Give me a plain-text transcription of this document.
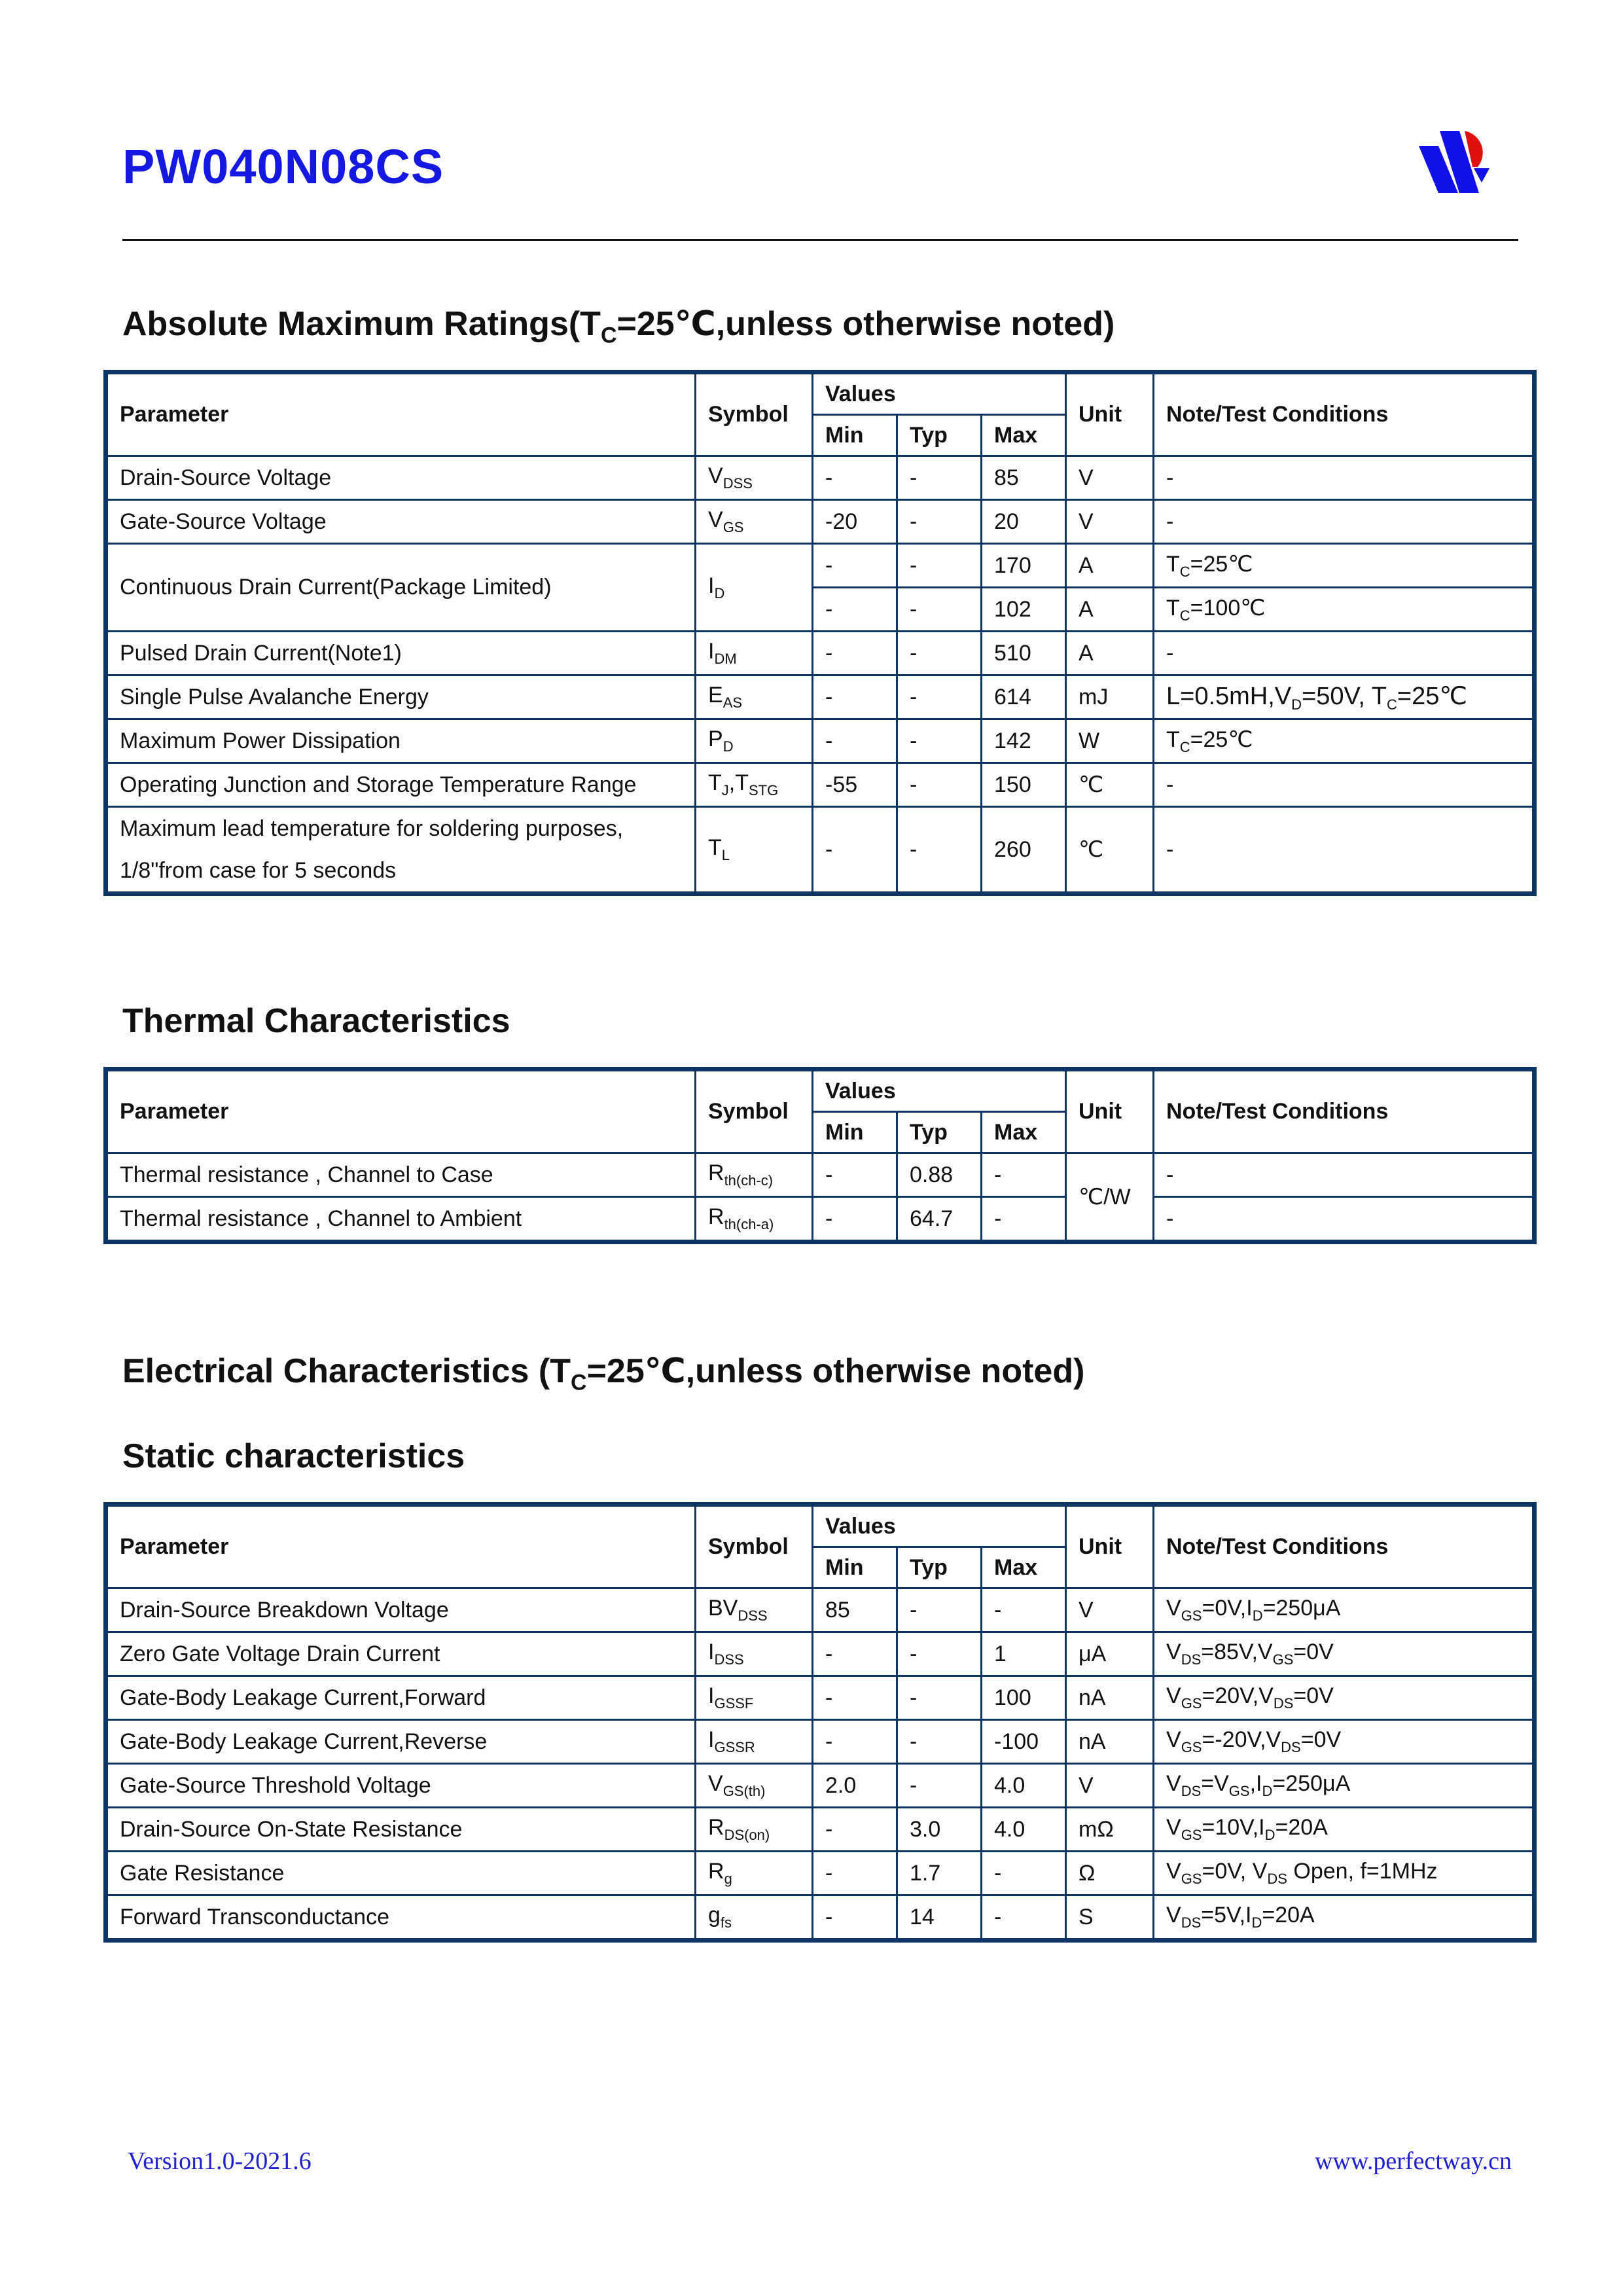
PW040N08CS
Absolute Maximum $Ratings(T_C=25℃,unless$ otherwise noted)
Parameter	Symbol	Values			Unit	Note/Test Conditions
		Min	Typ	Max		
Drain-Source Voltage	$V_{DSS}$	-	-	85	V	-
Gate-Source Voltage	$V_{GS}$	-20	-	20	V	-
Continuous Drain Current(Package Limited)	$I_D$	-	-	170	A	$T_C=25℃$
		-	-	102	A	$T_C=100℃$
Pulsed Drain Current(Note1)	$I_{DM}$	-	-	510	A	-
Single Pulse Avalanche Energy	$E_{AS}$	-	-	614	mJ	$L=0.5mH,V_D=50V$, $T_C=25℃$
Maximum Power Dissipation	$P_D$	-	-	142	W	$T_C=25℃$
Operating Junction and Storage Temperature Range	$T_J,T_{STG}$	-55	-	150	℃	-

Maximum lead temperature for soldering purposes,
1/8"from case for 5 seconds	$T_L$	-	-	260	℃	-
Thermal Characteristics
Parameter	Symbol	Values			Unit	Note/Test Conditions
		Min	Typ	Max		
Thermal resistance , Channel to Case	$R_{th(ch-c)}$	-	0.88	-	℃/W	-
Thermal resistance , Channel to Ambient	$R_{th(ch-a)}$	-	64.7	-		-
Electrical Characteristics ($T_C=25℃,unless$ otherwise noted)
Static characteristics
Parameter	Symbol	Values			Unit	Note/Test Conditions
		Min	Typ	Max		
Drain-Source Breakdown Voltage	$BV_{DSS}$	85	-	-	V	$V_{GS}=0V,I_D=250\mu A$
Zero Gate Voltage Drain Current	$I_{DSS}$	-	-	1	μA	$V_{DS}=85V,V_{GS}=0V$
Gate-Body Leakage Current,Forward	$I_{GSSF}$	-	-	100	nA	$V_{GS}=20V,V_{DS}=0V$
Gate-Body Leakage Current,Reverse	$I_{GSSR}$	-	-	-100	nA	$V_{GS}=-20V,V_{DS}=0V$
Gate-Source Threshold Voltage	$V_{GS(th)}$	2.0	-	4.0	V	$V_{DS}=V_{GS},I_D=250\mu A$
Drain-Source On-State Resistance	$R_{DS(on)}$	-	3.0	4.0	mΩ	$V_{GS}=10V,I_D=20A$
Gate Resistance	$R_g$	-	1.7	-	Ω	$V_{GS}=0V$, $V_{DS}$ Open, f=1MHz
Forward Transconductance	$g_{fs}$	-	14	-	S	$V_{DS}=5V,I_D=20A$
Version1.0-2021.6	www.perfectway.cn
